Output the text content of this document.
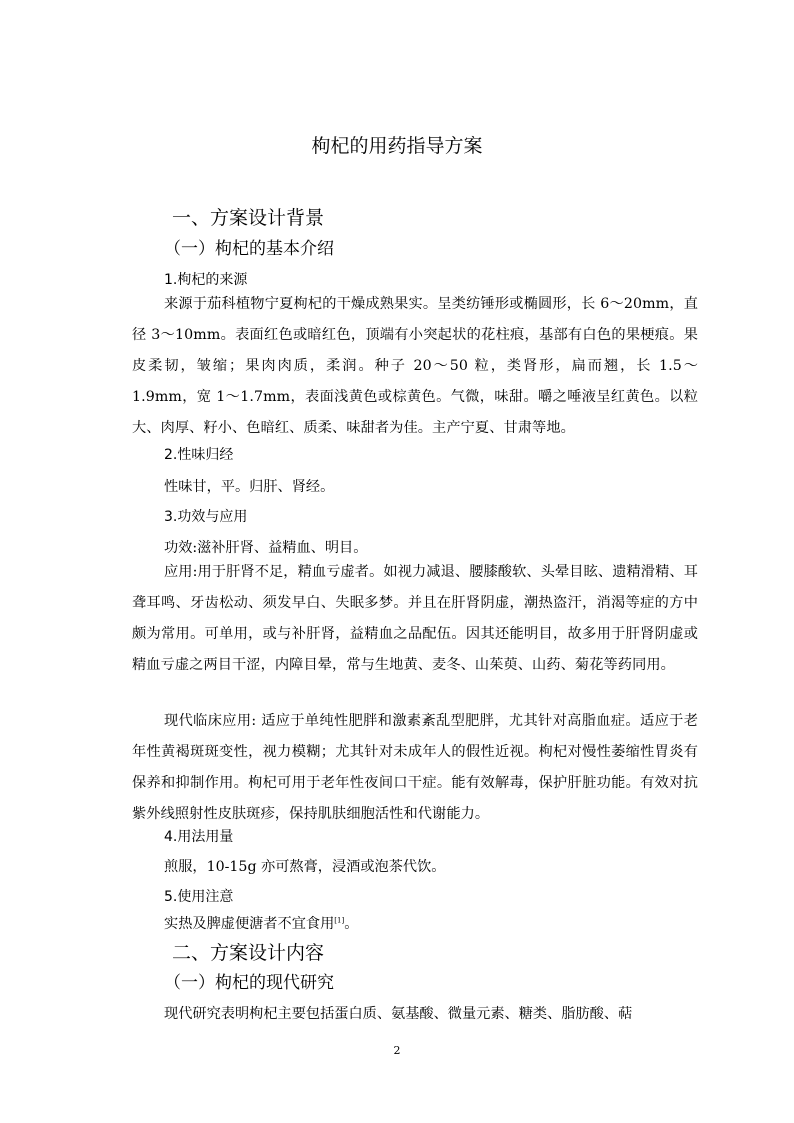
枸杞的用药指导方案
一、方案设计背景
（一）枸杞的基本介绍
1.枸杞的来源

来源于茄科植物宁夏枸杞的干燥成熟果实。呈类纺锤形或椭圆形，长 6～20mm，直径 3～10mm。表面红色或暗红色，顶端有小突起状的花柱痕，基部有白色的果梗痕。果皮柔韧，皱缩；果肉肉质，柔润。种子 20～50 粒，类肾形，扁而翘，长 1.5～1.9mm，宽 1～1.7mm，表面浅黄色或棕黄色。气微，味甜。嚼之唾液呈红黄色。以粒大、肉厚、籽小、色暗红、质柔、味甜者为佳。主产宁夏、甘肃等地。

2.性味归经

性味甘，平。归肝、肾经。

3.功效与应用

功效:滋补肝肾、益精血、明目。

应用:用于肝肾不足，精血亏虚者。如视力减退、腰膝酸软、头晕目眩、遗精滑精、耳聋耳鸣、牙齿松动、须发早白、失眠多梦。并且在肝肾阴虚，潮热盗汗，消渴等症的方中颇为常用。可单用，或与补肝肾，益精血之品配伍。因其还能明目，故多用于肝肾阴虚或精血亏虚之两目干涩，内障目晕，常与生地黄、麦冬、山茱萸、山药、菊花等药同用。

现代临床应用: 适应于单纯性肥胖和激素紊乱型肥胖，尤其针对高脂血症。适应于老年性黄褐斑斑变性，视力模糊；尤其针对未成年人的假性近视。枸杞对慢性萎缩性胃炎有保养和抑制作用。枸杞可用于老年性夜间口干症。能有效解毒，保护肝脏功能。有效对抗紫外线照射性皮肤斑疹，保持肌肤细胞活性和代谢能力。

4.用法用量

煎服，10-15g 亦可熬膏，浸酒或泡茶代饮。

5.使用注意

实热及脾虚便溏者不宜食用[1]。

二、方案设计内容
（一）枸杞的现代研究

现代研究表明枸杞主要包括蛋白质、氨基酸、微量元素、糖类、脂肪酸、萜

2
